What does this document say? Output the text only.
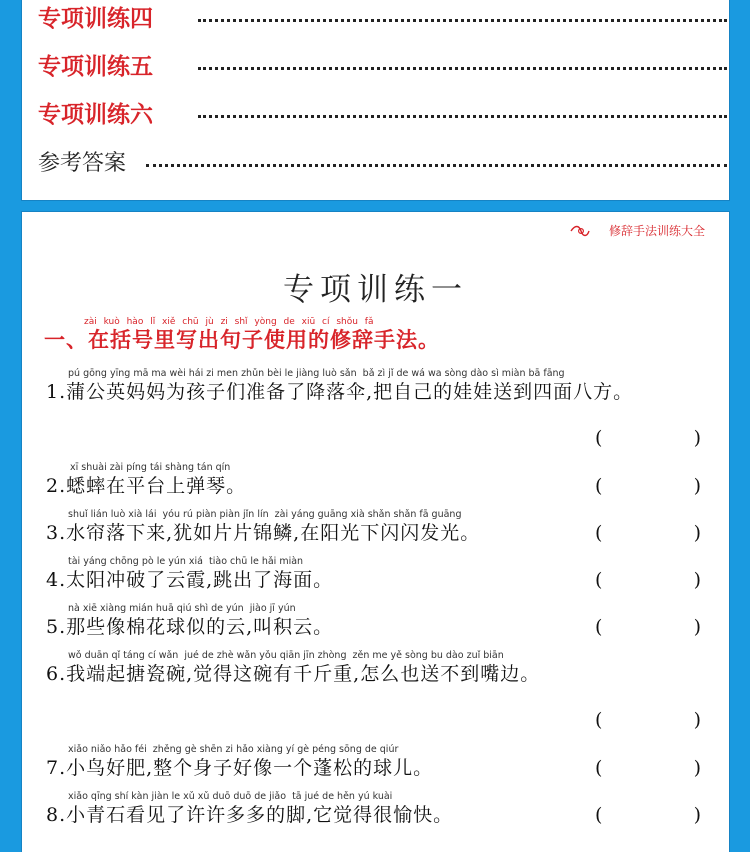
专项训练四
专项训练五
专项训练六
参考答案
修辞手法训练大全
专项训练一
zài kuò hào lǐ xiě chū jù zi shǐ yòng de xiū cí shǒu fǎ
一、在括号里写出句子使用的修辞手法。
pú gōng yīng mā ma wèi hái zi men zhǔn bèi le jiàng luò sǎn  bǎ zì jǐ de wá wa sòng dào sì miàn bā fāng
1.蒲公英妈妈为孩子们准备了降落伞,把自己的娃娃送到四面八方。
(	)
xī shuài zài píng tái shàng tán qín
2.蟋蟀在平台上弹琴。	(	)
shuǐ lián luò xià lái  yóu rú piàn piàn jǐn lín  zài yáng guāng xià shǎn shǎn fā guāng
3.水帘落下来,犹如片片锦鳞,在阳光下闪闪发光。	(	)
tài yáng chōng pò le yún xiá  tiào chū le hǎi miàn
4.太阳冲破了云霞,跳出了海面。	(	)
nà xiē xiàng mián huā qiú shì de yún  jiào jī yún
5.那些像棉花球似的云,叫积云。	(	)
wǒ duān qǐ táng cí wǎn  jué de zhè wǎn yǒu qiān jīn zhòng  zěn me yě sòng bu dào zuǐ biān
6.我端起搪瓷碗,觉得这碗有千斤重,怎么也送不到嘴边。
(	)
xiǎo niǎo hǎo féi  zhěng gè shēn zi hǎo xiàng yí gè péng sōng de qiúr
7.小鸟好肥,整个身子好像一个蓬松的球儿。	(	)
xiǎo qīng shí kàn jiàn le xǔ xǔ duō duō de jiǎo  tā jué de hěn yú kuài
8.小青石看见了许许多多的脚,它觉得很愉快。	(	)
